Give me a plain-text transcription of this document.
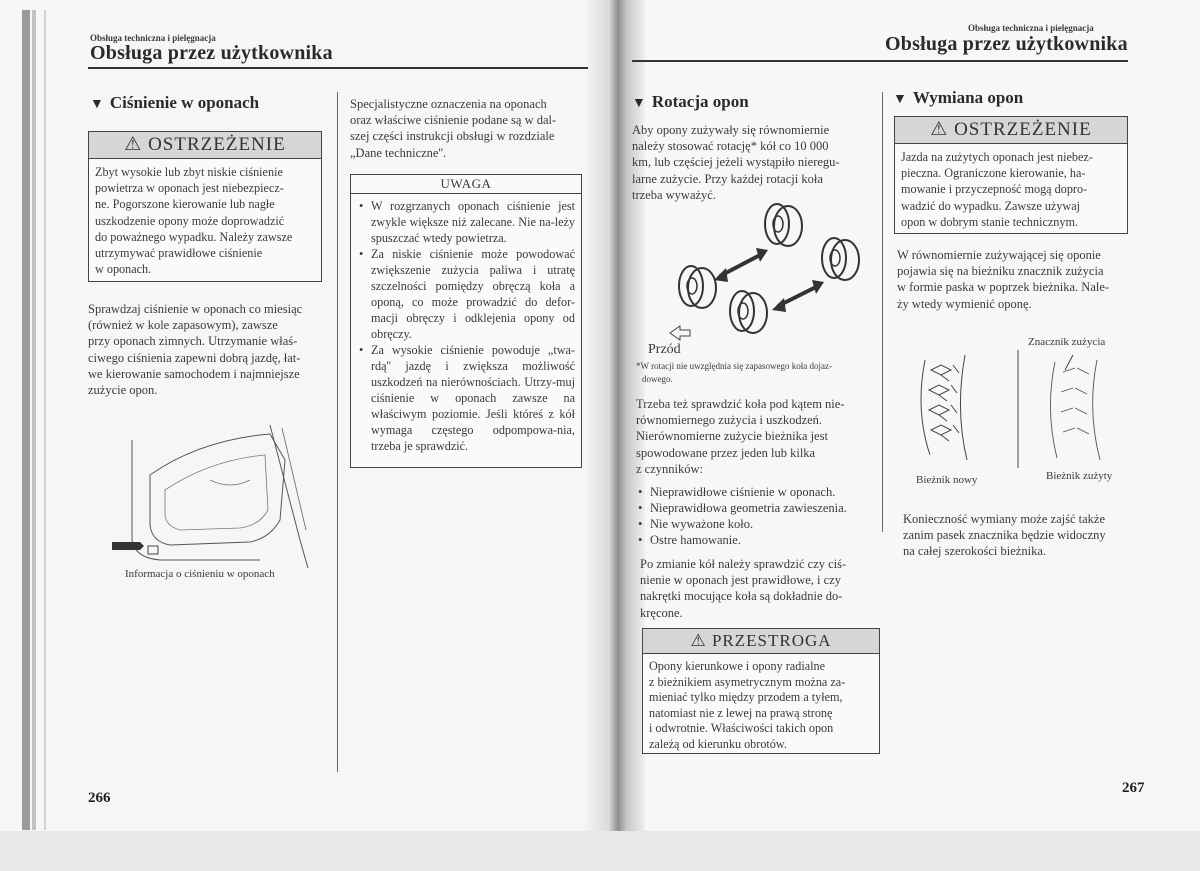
Obsługa techniczna i pielęgnacja
Obsługa przez użytkownika
▼ Ciśnienie w oponach
⚠ OSTRZEŻENIE
Zbyt wysokie lub zbyt niskie ciśnienie
powietrza w oponach jest niebezpiecz-
ne. Pogorszone kierowanie lub nagłe
uszkodzenie opony może doprowadzić
do poważnego wypadku. Należy zawsze
utrzymywać prawidłowe ciśnienie
w oponach.
Sprawdzaj ciśnienie w oponach co miesiąc
(również w kole zapasowym), zawsze
przy oponach zimnych. Utrzymanie właś-
ciwego ciśnienia zapewni dobrą jazdę, łat-
we kierowanie samochodem i najmniejsze
zużycie opon.
Informacja o ciśnieniu w oponach
Specjalistyczne oznaczenia na oponach
oraz właściwe ciśnienie podane są w dal-
szej części instrukcji obsługi w rozdziale
„Dane techniczne''.
UWAGA
• W rozgrzanych oponach ciśnienie jest zwykle większe niż zalecane. Nie na-leży spuszczać wtedy powietrza.
• Za niskie ciśnienie może powodować zwiększenie zużycia paliwa i utratę szczelności pomiędzy obręczą koła a oponą, co może prowadzić do defor-macji obręczy i odklejenia opony od obręczy.
• Za wysokie ciśnienie powoduje „twa-rdą'' jazdę i zwiększa możliwość uszkodzeń na nierównościach. Utrzy-muj ciśnienie w oponach zawsze na właściwym poziomie. Jeśli któreś z kół wymaga częstego odpompowa-nia, trzeba je sprawdzić.
266
Obsługa techniczna i pielęgnacja
Obsługa przez użytkownika
▼ Rotacja opon
Aby opony zużywały się równomiernie
należy stosować rotację* kół co 10 000
km, lub częściej jeżeli wystąpiło nieregu-
larne zużycie. Przy każdej rotacji koła
trzeba wyważyć.
Przód
*W rotacji nie uwzględnia się zapasowego koła dojaz-
dowego.
Trzeba też sprawdzić koła pod kątem nie-
równomiernego zużycia i uszkodzeń.
Nierównomierne zużycie bieżnika jest
spowodowane przez jeden lub kilka
z czynników:
• Nieprawidłowe ciśnienie w oponach.
• Nieprawidłowa geometria zawieszenia.
• Nie wyważone koło.
• Ostre hamowanie.
Po zmianie kół należy sprawdzić czy ciś-
nienie w oponach jest prawidłowe, i czy
nakrętki mocujące koła są dokładnie do-
kręcone.
⚠ PRZESTROGA
Opony kierunkowe i opony radialne
z bieżnikiem asymetrycznym można za-
mieniać tylko między przodem a tyłem,
natomiast nie z lewej na prawą stronę
i odwrotnie. Właściwości takich opon
zależą od kierunku obrotów.
▼ Wymiana opon
⚠ OSTRZEŻENIE
Jazda na zużytych oponach jest niebez-
pieczna. Ograniczone kierowanie, ha-
mowanie i przyczepność mogą dopro-
wadzić do wypadku. Zawsze używaj
opon w dobrym stanie technicznym.
W równomiernie zużywającej się oponie
pojawia się na bieżniku znacznik zużycia
w formie paska w poprzek bieżnika. Nale-
ży wtedy wymienić oponę.
Znacznik zużycia
Bieżnik nowy	Bieżnik zużyty
Konieczność wymiany może zajść także
zanim pasek znacznika będzie widoczny
na całej szerokości bieżnika.
267
